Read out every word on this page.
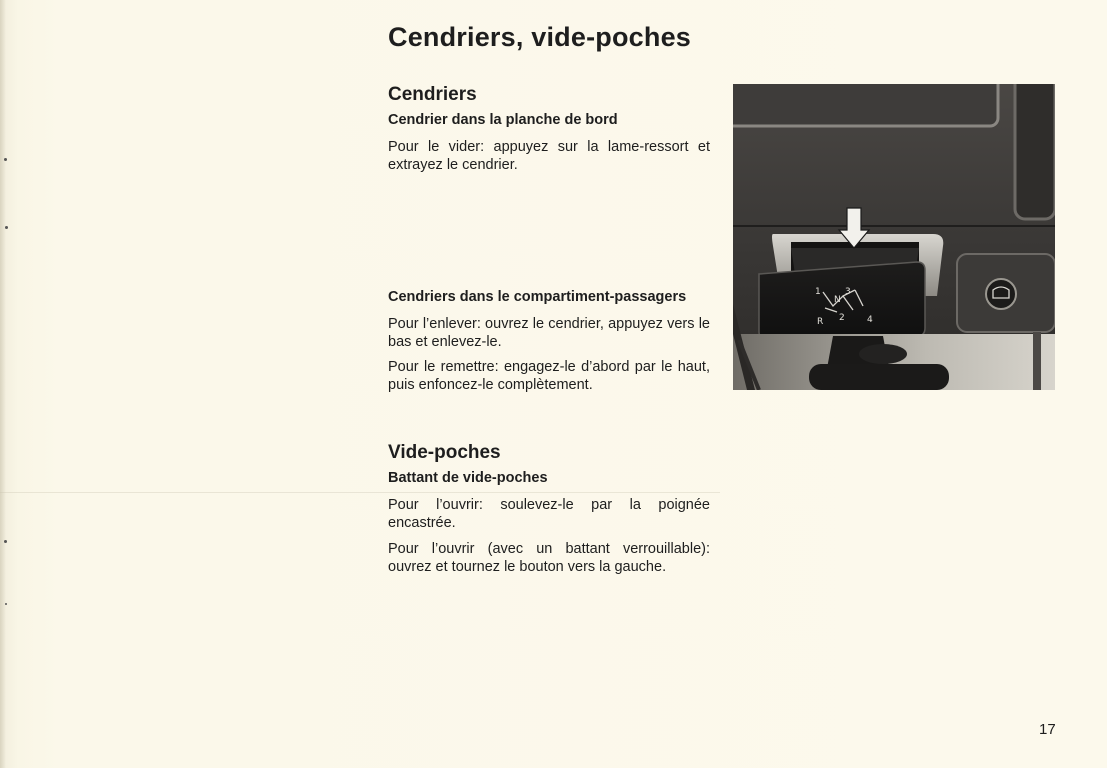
Cendriers, vide-poches
Cendriers
Cendrier dans la planche de bord

Pour le vider: appuyez sur la lame-ressort et extrayez le cendrier.

Cendriers dans le compartiment-passagers

Pour l’enlever: ouvrez le cendrier, appuyez vers le bas et enlevez-le.

Pour le remettre: engagez-le d’abord par le haut, puis enfoncez-le complètement.

Vide-poches
Battant de vide-poches

Pour l’ouvrir: soulevez-le par la poignée encastrée.

Pour l’ouvrir (avec un battant verrouillable): ouvrez et tournez le bouton vers la gauche.

1	3
N
R 2 4

17
